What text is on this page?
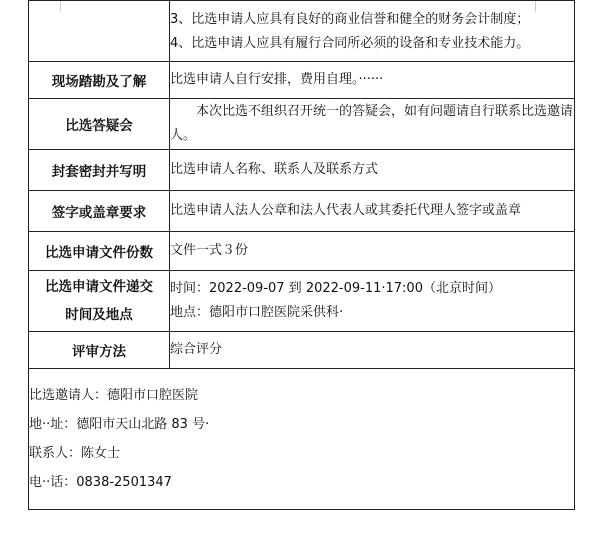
	3、比选申请人应具有良好的商业信誉和健全的财务会计制度；
4、比选申请人应具有履行合同所必须的设备和专业技术能力。

现场踏勘及了解	比选申请人自行安排，费用自理。······
比选答疑会	本次比选不组织召开统一的答疑会，如有问题请自行联系比选邀请人。

封套密封并写明	比选申请人名称、联系人及联系方式
签字或盖章要求	比选申请人法人公章和法人代表人或其委托代理人签字或盖章
比选申请文件份数	文件一式３份

比选申请文件递交
时间及地点	时间：2022-09-07 到 2022-09-11·17:00（北京时间）
地点：德阳市口腔医院采供科·

评审方法	综合评分

比选邀请人：德阳市口腔医院
地··址：德阳市天山北路 83 号·
联系人：陈女士
电··话：0838-2501347	
